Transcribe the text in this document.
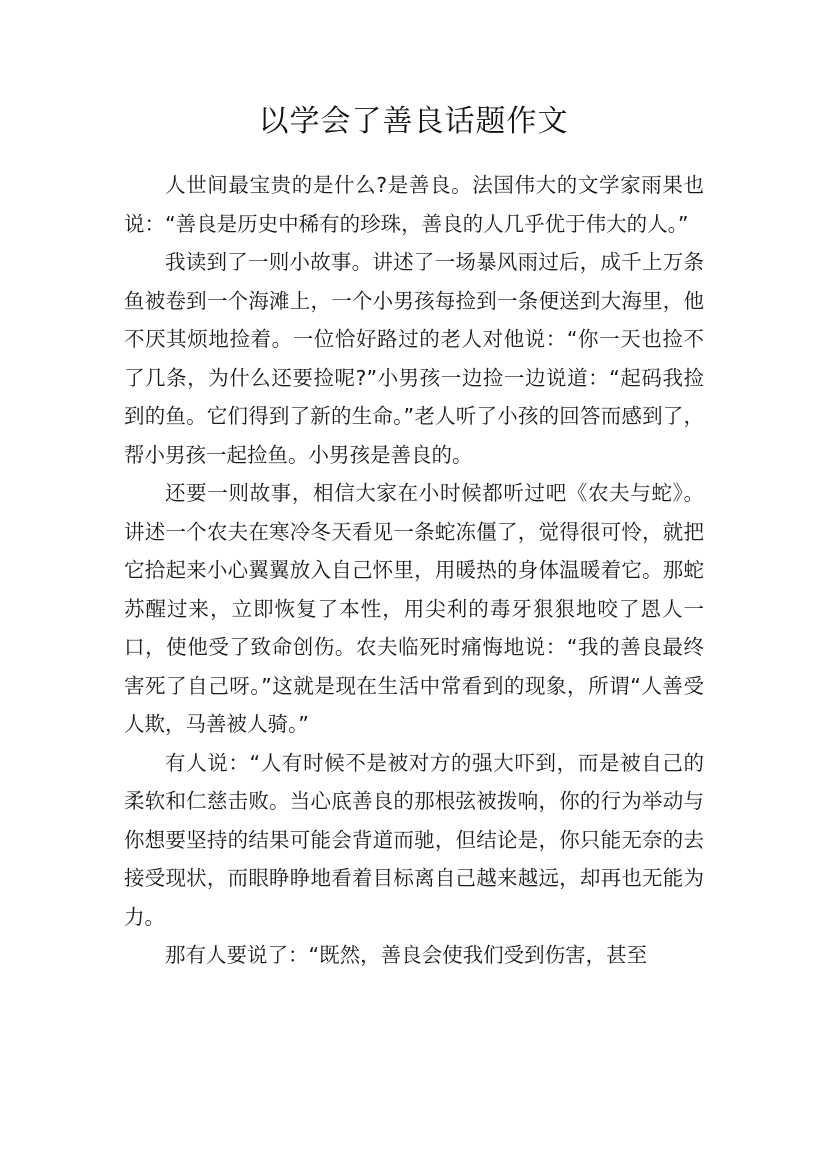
以学会了善良话题作文

人世间最宝贵的是什么?是善良。法国伟大的文学家雨果也说：“善良是历史中稀有的珍珠，善良的人几乎优于伟大的人。”

我读到了一则小故事。讲述了一场暴风雨过后，成千上万条鱼被卷到一个海滩上，一个小男孩每捡到一条便送到大海里，他不厌其烦地捡着。一位恰好路过的老人对他说：“你一天也捡不了几条，为什么还要捡呢?”小男孩一边捡一边说道：“起码我捡到的鱼。它们得到了新的生命。”老人听了小孩的回答而感到了，帮小男孩一起捡鱼。小男孩是善良的。

还要一则故事，相信大家在小时候都听过吧《农夫与蛇》。讲述一个农夫在寒冷冬天看见一条蛇冻僵了，觉得很可怜，就把它拾起来小心翼翼放入自己怀里，用暖热的身体温暖着它。那蛇苏醒过来，立即恢复了本性，用尖利的毒牙狠狠地咬了恩人一口，使他受了致命创伤。农夫临死时痛悔地说：“我的善良最终害死了自己呀。”这就是现在生活中常看到的现象，所谓“人善受人欺，马善被人骑。”

有人说：“人有时候不是被对方的强大吓到，而是被自己的柔软和仁慈击败。当心底善良的那根弦被拨响，你的行为举动与你想要坚持的结果可能会背道而驰，但结论是，你只能无奈的去接受现状，而眼睁睁地看着目标离自己越来越远，却再也无能为力。

那有人要说了：“既然，善良会使我们受到伤害，甚至
